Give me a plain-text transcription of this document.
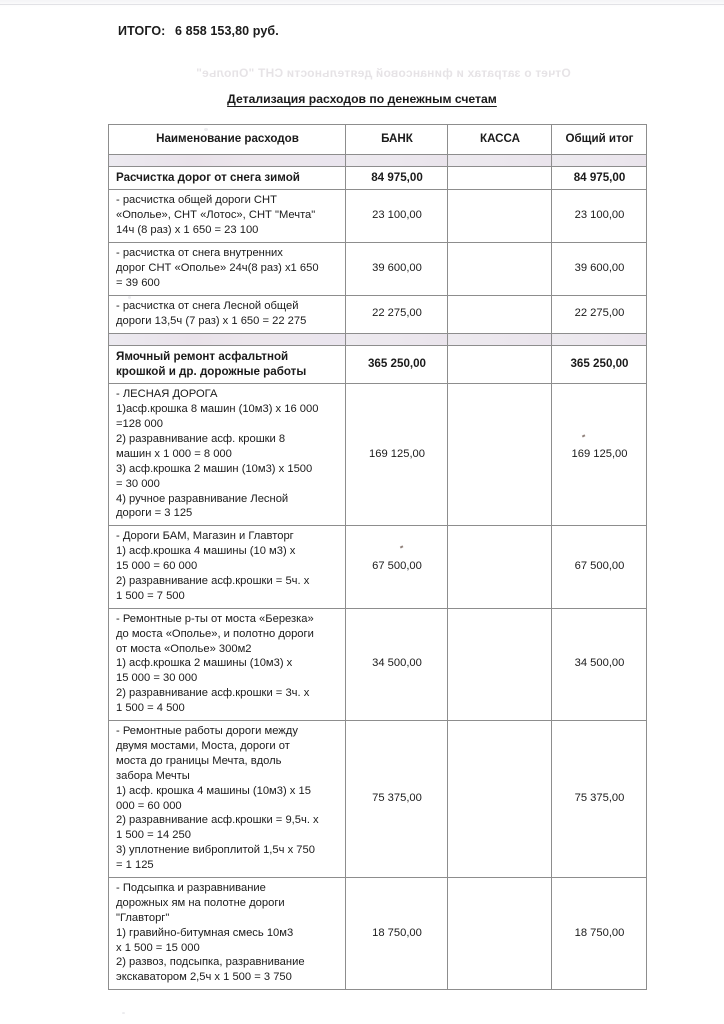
Отчет о затратах и финансовой деятельности СНТ "Ополье"
ИТОГО: 6 858 153,80 руб.
Детализация расходов по денежным счетам
Наименование расходов	БАНК	КАССА	Общий итог

Расчистка дорог от снега зимой	84 975,00		84 975,00

- расчистка общей дороги СНТ
«Ополье», СНТ «Лотос», СНТ "Мечта"
14ч (8 раз) x 1 650 = 23 100	23 100,00		23 100,00

- расчистка от снега внутренних
дорог СНТ «Ополье» 24ч(8 раз) x1 650
= 39 600	39 600,00		39 600,00

- расчистка от снега Лесной общей
дороги 13,5ч (7 раз) x 1 650 = 22 275	22 275,00		22 275,00

Ямочный ремонт асфальтной
крошкой и др. дорожные работы	365 250,00		365 250,00

- ЛЕСНАЯ ДОРОГА
1)асф.крошка 8 машин (10м3) x 16 000
=128 000
2) разравнивание асф. крошки 8
машин x 1 000 = 8 000
3) асф.крошка 2 машин (10м3) x 1500
= 30 000
4) ручное разравнивание Лесной
дороги = 3 125
	169 125,00		169 125,00

- Дороги БАМ, Магазин и Главторг
1) асф.крошка 4 машины (10 м3) x
15 000 = 60 000
2) разравнивание асф.крошки = 5ч. x
1 500 = 7 500	67 500,00		67 500,00

- Ремонтные р-ты от моста «Березка»
до моста «Ополье», и полотно дороги
от моста «Ополье» 300м2
1) асф.крошка 2 машины (10м3) x
15 000 = 30 000
2) разравнивание асф.крошки = 3ч. x
1 500 = 4 500
	34 500,00		34 500,00

- Ремонтные работы дороги между
двумя мостами, Моста, дороги от
моста до границы Мечта, вдоль
забора Мечты
1) асф. крошка 4 машины (10м3) x 15
000 = 60 000
2) разравнивание асф.крошки = 9,5ч. x
1 500 = 14 250
3) уплотнение виброплитой 1,5ч x 750
= 1 125
	75 375,00		75 375,00

- Подсыпка и разравнивание
дорожных ям на полотне дороги
"Главторг"
1) гравийно-битумная смесь 10м3
x 1 500 = 15 000
2) развоз, подсыпка, разравнивание
экскаватором 2,5ч x 1 500 = 3 750
	18 750,00		18 750,00
